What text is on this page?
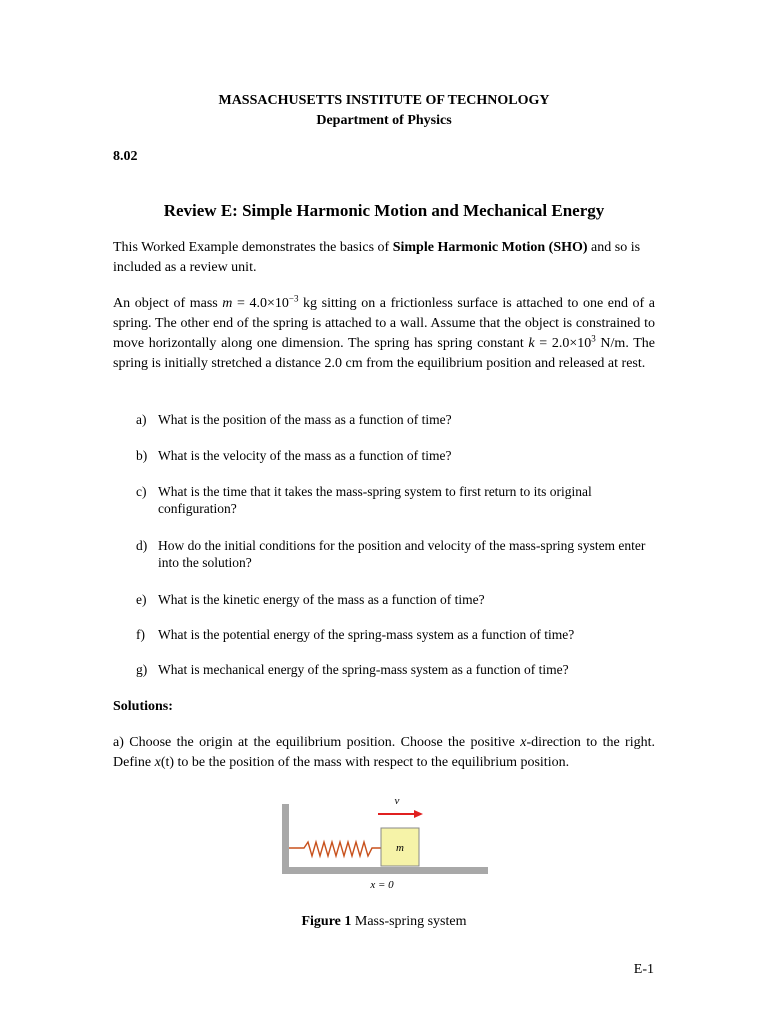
MASSACHUSETTS INSTITUTE OF TECHNOLOGY
Department of Physics
8.02
Review E: Simple Harmonic Motion and Mechanical Energy
This Worked Example demonstrates the basics of Simple Harmonic Motion (SHO) and so is included as a review unit.
An object of mass $m = 4.0\times 10^{-3}$ kg sitting on a frictionless surface is attached to one end of a spring. The other end of the spring is attached to a wall. Assume that the object is constrained to move horizontally along one dimension. The spring has spring constant $k = 2.0\times 10^3$ N/m. The spring is initially stretched a distance 2.0 cm from the equilibrium position and released at rest.
a) What is the position of the mass as a function of time?
b) What is the velocity of the mass as a function of time?
c) What is the time that it takes the mass-spring system to first return to its original configuration?
d) How do the initial conditions for the position and velocity of the mass-spring system enter into the solution?
e) What is the kinetic energy of the mass as a function of time?
f) What is the potential energy of the spring-mass system as a function of time?
g) What is mechanical energy of the spring-mass system as a function of time?
Solutions:
a) Choose the origin at the equilibrium position. Choose the positive x-direction to the right. Define x(t) to be the position of the mass with respect to the equilibrium position.
m
v
x = 0
Figure 1 Mass-spring system
E-1
